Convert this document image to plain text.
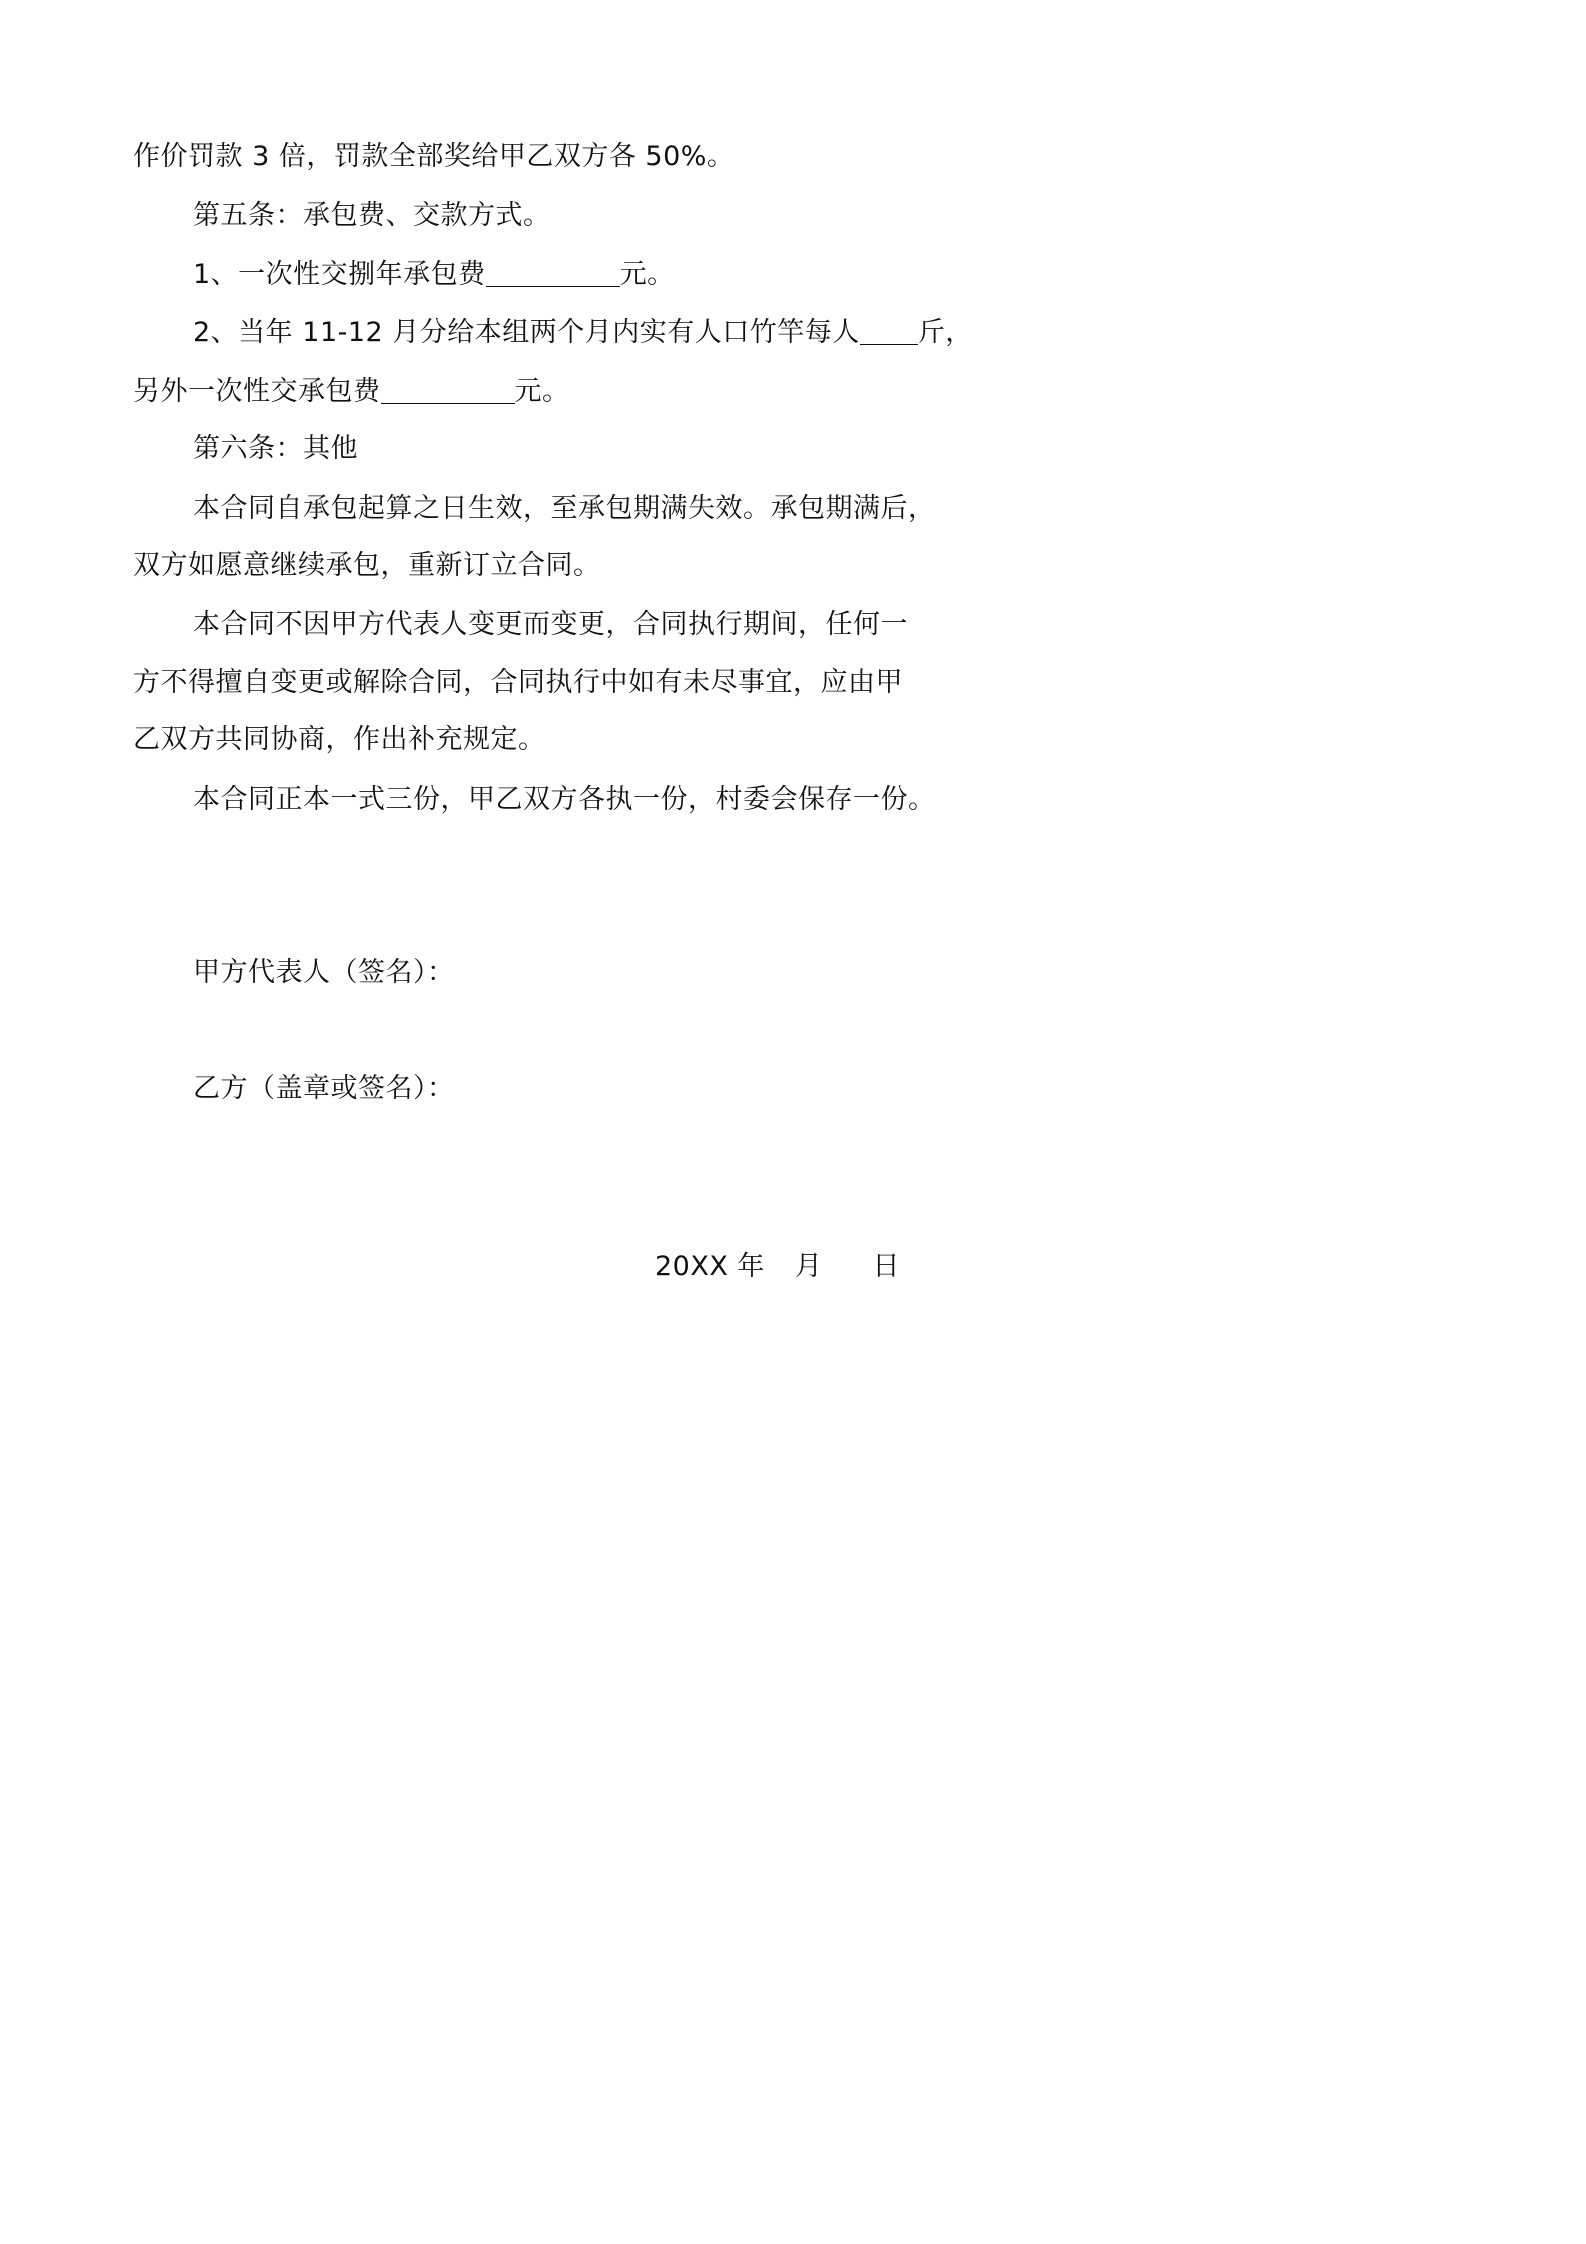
作价罚款 3 倍，罚款全部奖给甲乙双方各 50%。
第五条：承包费、交款方式。
1、一次性交捌年承包费	元。
2、当年 11-12 月分给本组两个月内实有人口竹竿每人 斤，
另外一次性交承包费	元。
第六条：其他
本合同自承包起算之日生效，至承包期满失效。承包期满后，
双方如愿意继续承包，重新订立合同。
本合同不因甲方代表人变更而变更，合同执行期间，任何一
方不得擅自变更或解除合同，合同执行中如有未尽事宜，应由甲
乙双方共同协商，作出补充规定。
本合同正本一式三份，甲乙双方各执一份，村委会保存一份。
甲方代表人（签名）：
乙方（盖章或签名）：
20XX 年 月 日
